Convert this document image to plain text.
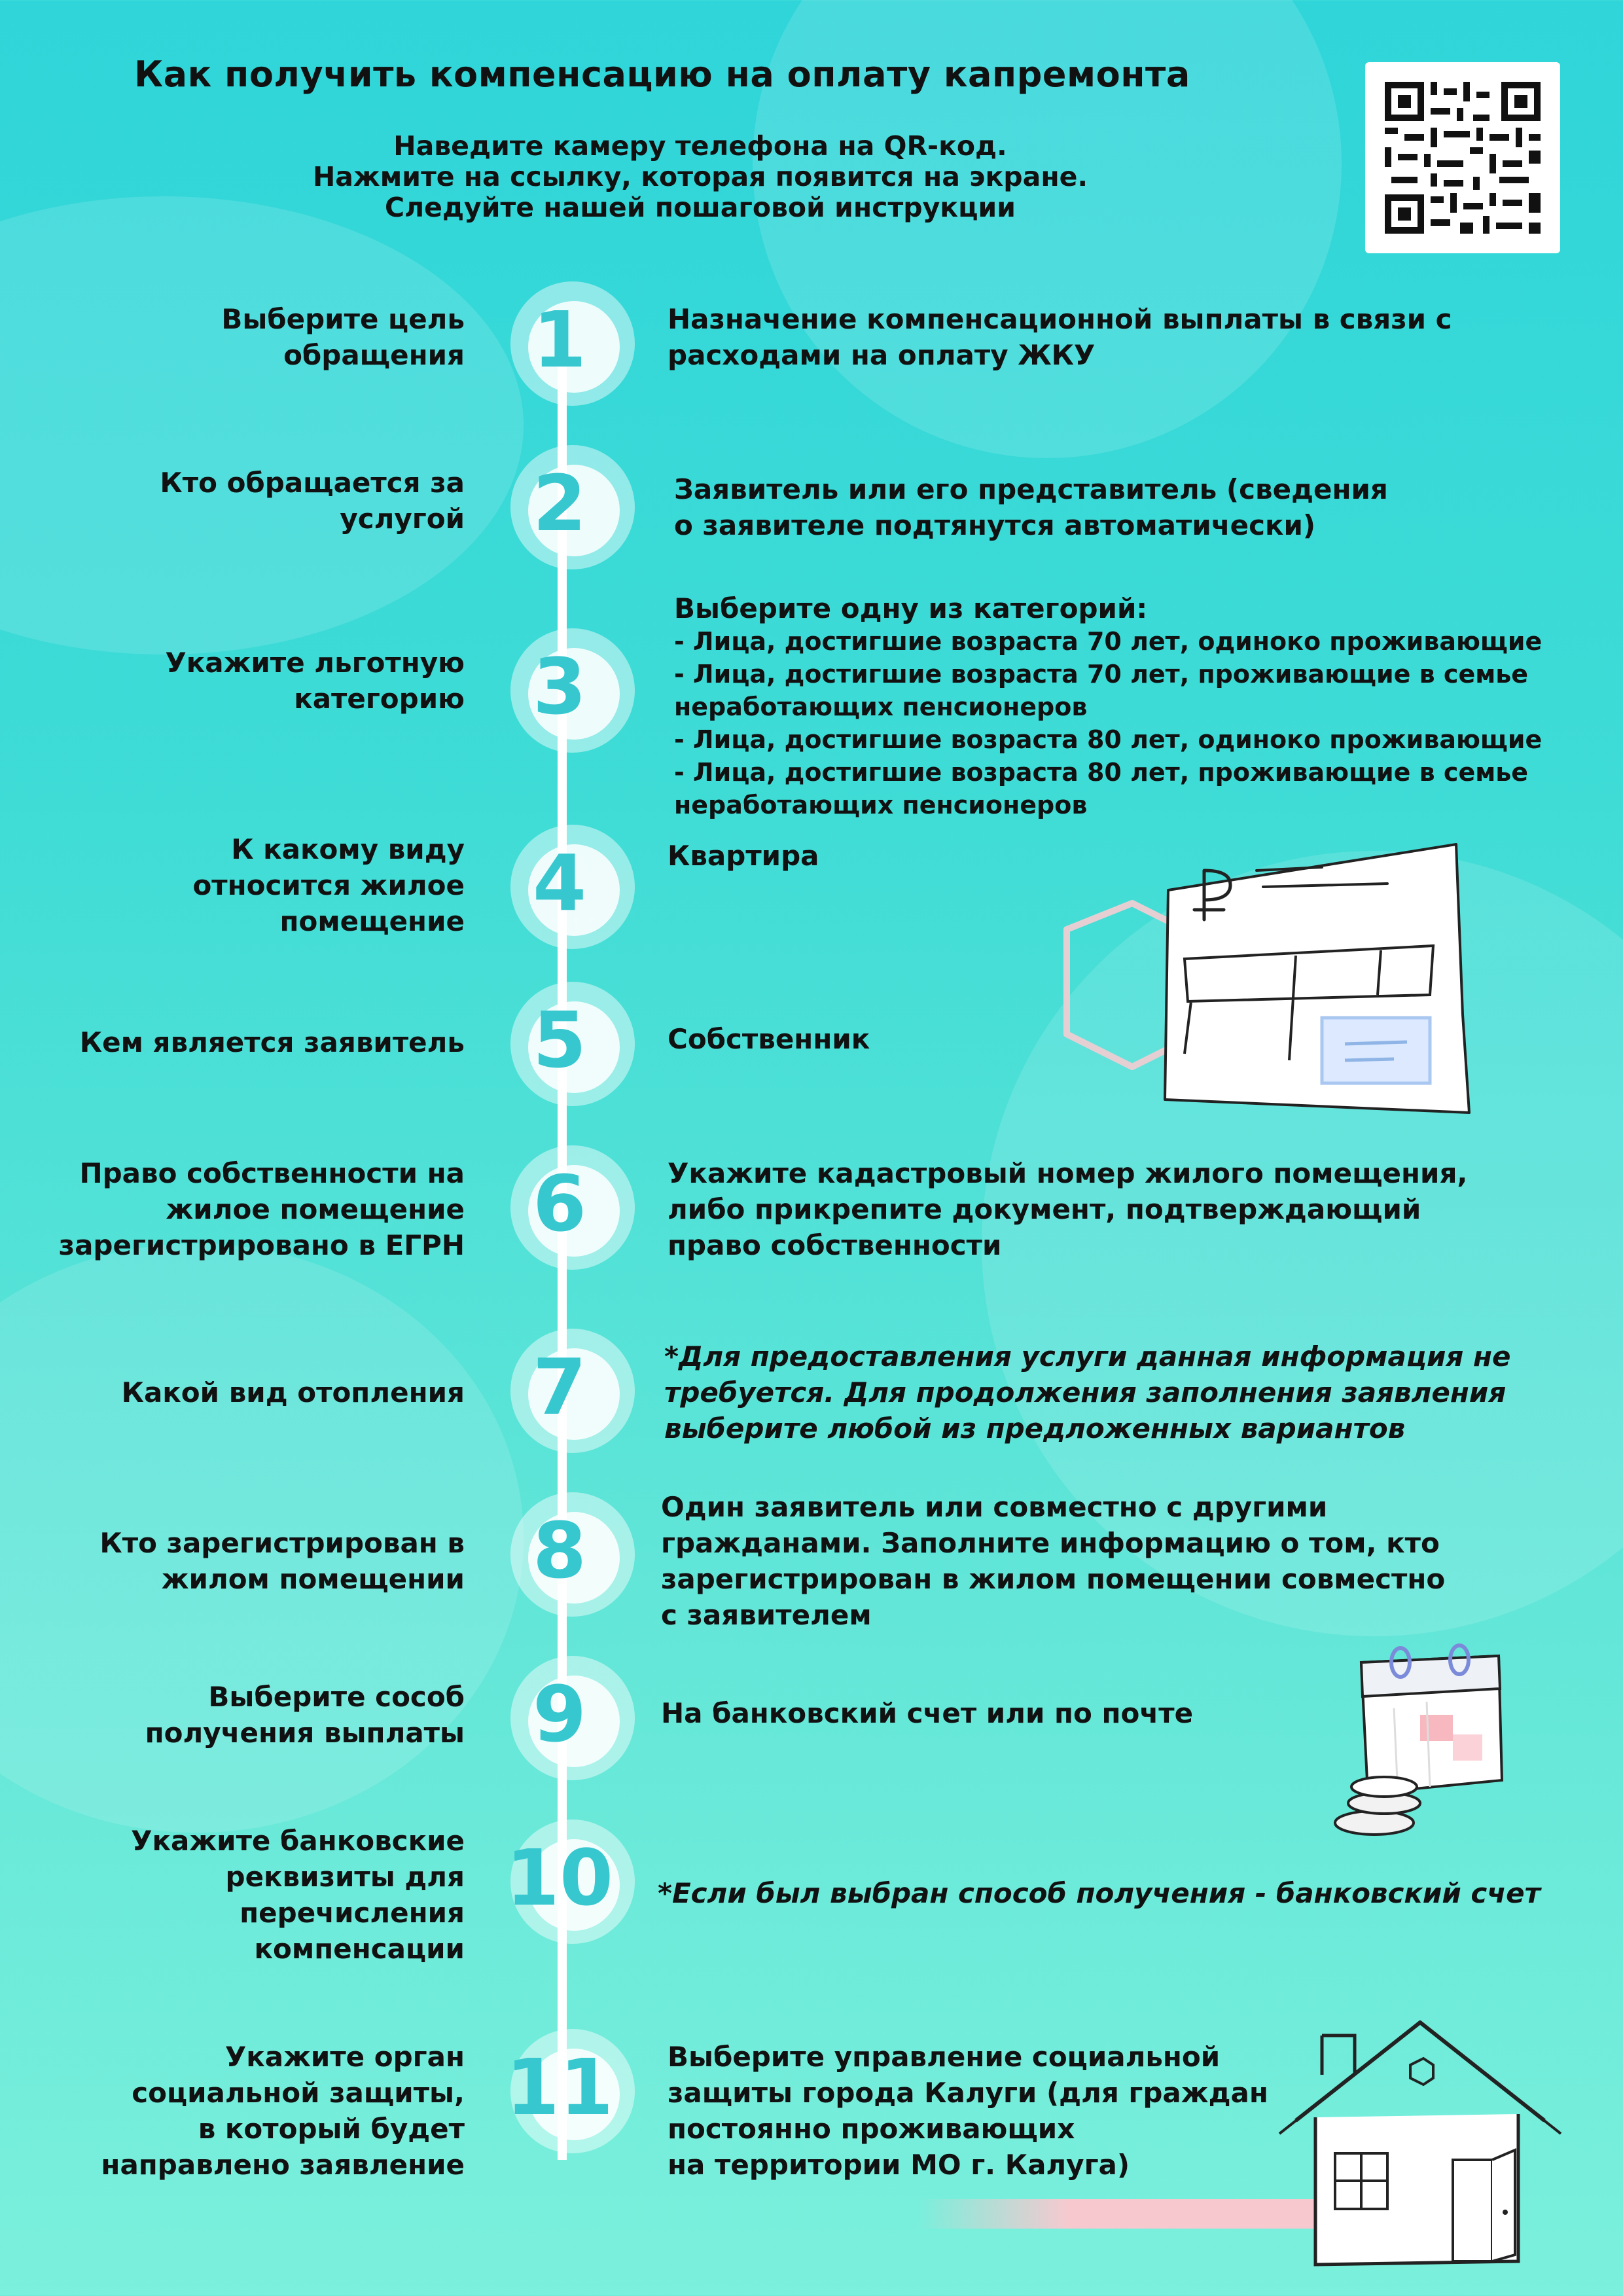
Как получить компенсацию на оплату капремонта
Наведите камеру телефона на QR-код.
Нажмите на ссылку, которая появится на экране.
Следуйте нашей пошаговой инструкции
1
Выберите цель
обращения
Назначение компенсационной выплаты в связи с
расходами на оплату ЖКУ
2
Кто обращается за
услугой
Заявитель или его представитель (сведения
о заявителе подтянутся автоматически)
3
Укажите льготную
категорию
Выберите одну из категорий:
- Лица, достигшие возраста 70 лет, одиноко проживающие
- Лица, достигшие возраста 70 лет, проживающие в семье
неработающих пенсионеров
- Лица, достигшие возраста 80 лет, одиноко проживающие
- Лица, достигшие возраста 80 лет, проживающие в семье
неработающих пенсионеров
4
К какому виду
относится жилое
помещение
Квартира
5
Кем является заявитель	Собственник
6
Право собственности на
жилое помещение
зарегистрировано в ЕГРН
Укажите кадастровый номер жилого помещения,
либо прикрепите документ, подтверждающий
право собственности
7
Какой вид отопления
*Для предоставления услуги данная информация не
требуется. Для продолжения заполнения заявления
выберите любой из предложенных вариантов
8
Кто зарегистрирован в
жилом помещении
Один заявитель или совместно с другими
гражданами. Заполните информацию о том, кто
зарегистрирован в жилом помещении совместно
с заявителем
9
Выберите сособ
получения выплаты
На банковский счет или по почте
10
Укажите банковские
реквизиты для
перечисления
компенсации
*Если был выбран способ получения - банковский счет
11
Укажите орган
социальной защиты,
в который будет
направлено заявление
Выберите управление социальной
защиты города Калуги (для граждан
постоянно проживающих
на территории МО г. Калуга)
